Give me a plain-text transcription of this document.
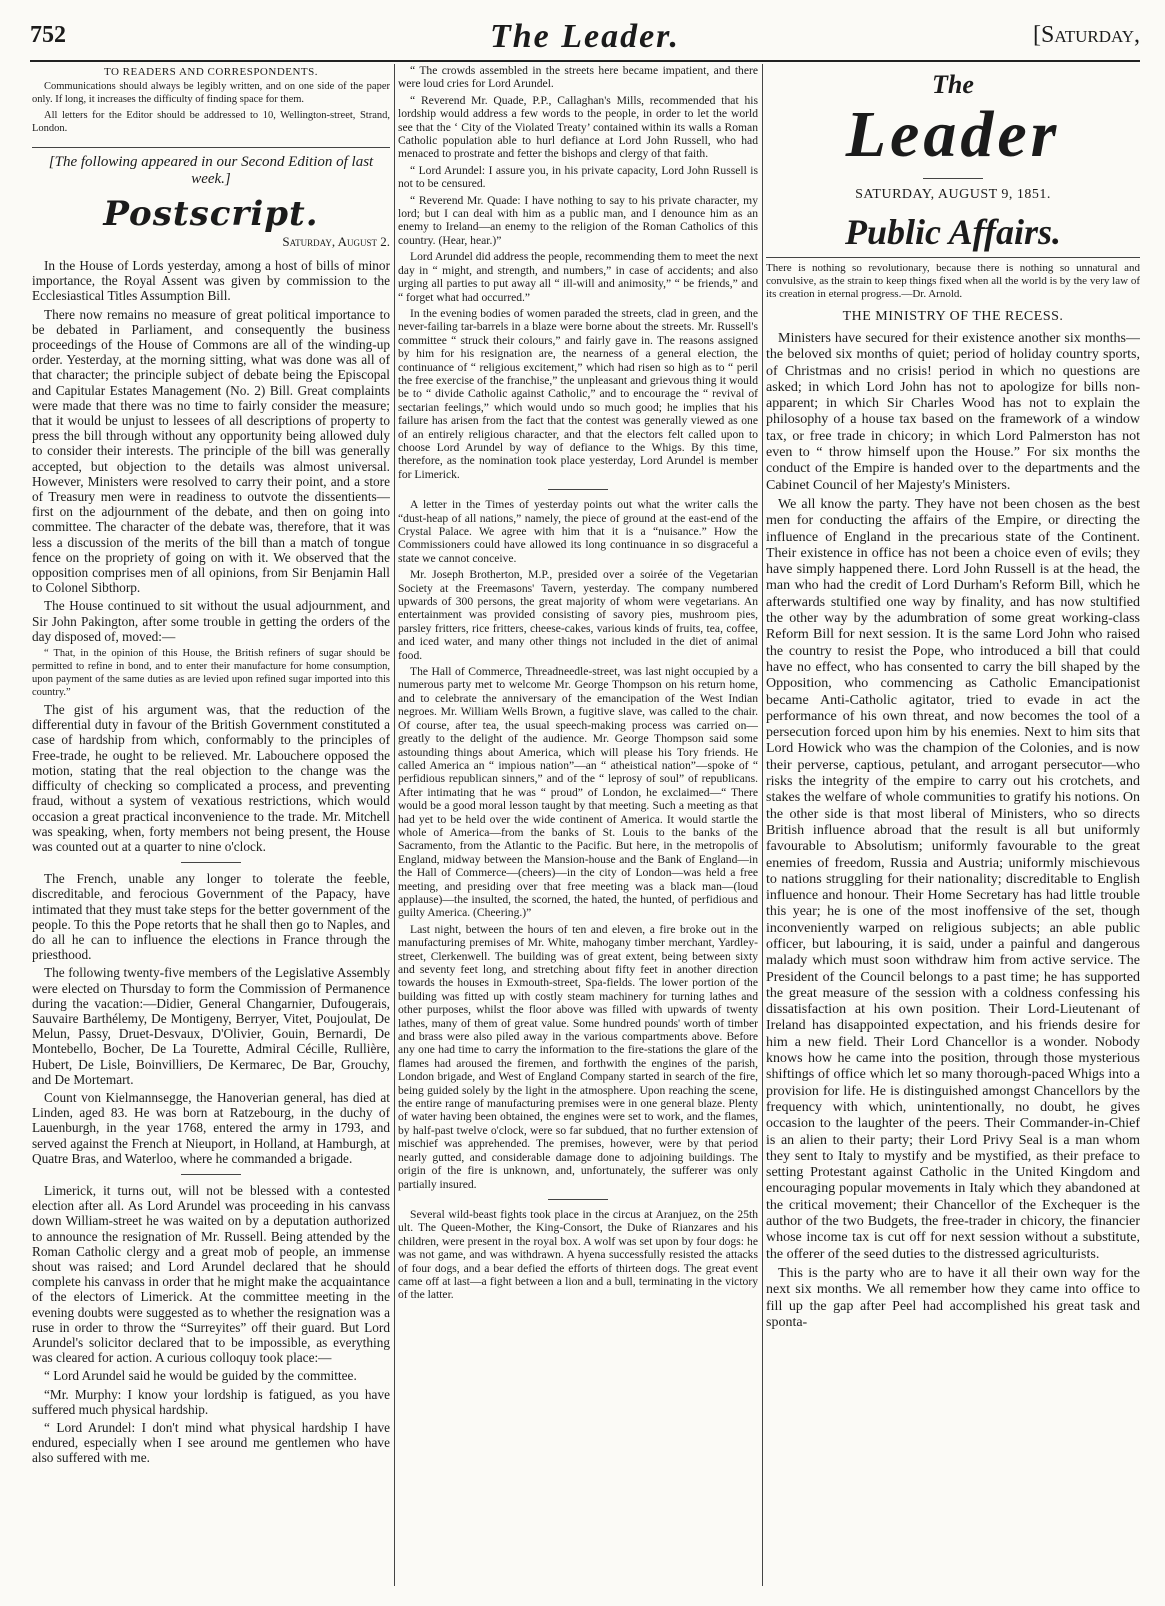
752	The Leader.	[Saturday,
TO READERS AND CORRESPONDENTS.

Communications should always be legibly written, and on one side of the paper only. If long, it increases the difficulty of finding space for them.

All letters for the Editor should be addressed to 10, Wellington-street, Strand, London.

[The following appeared in our Second Edition of last week.]
Postscript.
Saturday, August 2.

In the House of Lords yesterday, among a host of bills of minor importance, the Royal Assent was given by commission to the Ecclesiastical Titles Assumption Bill.

There now remains no measure of great political importance to be debated in Parliament, and consequently the business proceedings of the House of Commons are all of the winding-up order. Yesterday, at the morning sitting, what was done was all of that character; the principle subject of debate being the Episcopal and Capitular Estates Management (No. 2) Bill. Great complaints were made that there was no time to fairly consider the measure; that it would be unjust to lessees of all descriptions of property to press the bill through without any opportunity being allowed duly to consider their interests. The principle of the bill was generally accepted, but objection to the details was almost universal. However, Ministers were resolved to carry their point, and a store of Treasury men were in readiness to outvote the dissentients—first on the adjournment of the debate, and then on going into committee. The character of the debate was, therefore, that it was less a discussion of the merits of the bill than a match of tongue fence on the propriety of going on with it. We observed that the opposition comprises men of all opinions, from Sir Benjamin Hall to Colonel Sibthorp.

The House continued to sit without the usual adjournment, and Sir John Pakington, after some trouble in getting the orders of the day disposed of, moved:—

“ That, in the opinion of this House, the British refiners of sugar should be permitted to refine in bond, and to enter their manufacture for home consumption, upon payment of the same duties as are levied upon refined sugar imported into this country.”

The gist of his argument was, that the reduction of the differential duty in favour of the British Government constituted a case of hardship from which, conformably to the principles of Free-trade, he ought to be relieved. Mr. Labouchere opposed the motion, stating that the real objection to the change was the difficulty of checking so complicated a process, and preventing fraud, without a system of vexatious restrictions, which would occasion a great practical inconvenience to the trade. Mr. Mitchell was speaking, when, forty members not being present, the House was counted out at a quarter to nine o'clock.

The French, unable any longer to tolerate the feeble, discreditable, and ferocious Government of the Papacy, have intimated that they must take steps for the better government of the people. To this the Pope retorts that he shall then go to Naples, and do all he can to influence the elections in France through the priesthood.

The following twenty-five members of the Legislative Assembly were elected on Thursday to form the Commission of Permanence during the vacation:—Didier, General Changarnier, Dufougerais, Sauvaire Barthélemy, De Montigeny, Berryer, Vitet, Poujoulat, De Melun, Passy, Druet-Desvaux, D'Olivier, Gouin, Bernardi, De Montebello, Bocher, De La Tourette, Admiral Cécille, Rullière, Hubert, De Lisle, Boinvilliers, De Kermarec, De Bar, Grouchy, and De Mortemart.

Count von Kielmannsegge, the Hanoverian general, has died at Linden, aged 83. He was born at Ratzebourg, in the duchy of Lauenburgh, in the year 1768, entered the army in 1793, and served against the French at Nieuport, in Holland, at Hamburgh, at Quatre Bras, and Waterloo, where he commanded a brigade.

Limerick, it turns out, will not be blessed with a contested election after all. As Lord Arundel was proceeding in his canvass down William-street he was waited on by a deputation authorized to announce the resignation of Mr. Russell. Being attended by the Roman Catholic clergy and a great mob of people, an immense shout was raised; and Lord Arundel declared that he should complete his canvass in order that he might make the acquaintance of the electors of Limerick. At the committee meeting in the evening doubts were suggested as to whether the resignation was a ruse in order to throw the “Surreyites” off their guard. But Lord Arundel's solicitor declared that to be impossible, as everything was cleared for action. A curious colloquy took place:—

“ Lord Arundel said he would be guided by the committee.

“Mr. Murphy: I know your lordship is fatigued, as you have suffered much physical hardship.

“ Lord Arundel: I don't mind what physical hardship I have endured, especially when I see around me gentlemen who have also suffered with me.

“ The crowds assembled in the streets here became impatient, and there were loud cries for Lord Arundel.

“ Reverend Mr. Quade, P.P., Callaghan's Mills, recommended that his lordship would address a few words to the people, in order to let the world see that the ‘ City of the Violated Treaty’ contained within its walls a Roman Catholic population able to hurl defiance at Lord John Russell, who had menaced to prostrate and fetter the bishops and clergy of that faith.

“ Lord Arundel: I assure you, in his private capacity, Lord John Russell is not to be censured.

“ Reverend Mr. Quade: I have nothing to say to his private character, my lord; but I can deal with him as a public man, and I denounce him as an enemy to Ireland—an enemy to the religion of the Roman Catholics of this country. (Hear, hear.)”

Lord Arundel did address the people, recommending them to meet the next day in “ might, and strength, and numbers,” in case of accidents; and also urging all parties to put away all “ ill-will and animosity,” “ be friends,” and “ forget what had occurred.”

In the evening bodies of women paraded the streets, clad in green, and the never-failing tar-barrels in a blaze were borne about the streets. Mr. Russell's committee “ struck their colours,” and fairly gave in. The reasons assigned by him for his resignation are, the nearness of a general election, the continuance of “ religious excitement,” which had risen so high as to “ peril the free exercise of the franchise,” the unpleasant and grievous thing it would be to “ divide Catholic against Catholic,” and to encourage the “ revival of sectarian feelings,” which would undo so much good; he implies that his failure has arisen from the fact that the contest was generally viewed as one of an entirely religious character, and that the electors felt called upon to choose Lord Arundel by way of defiance to the Whigs. By this time, therefore, as the nomination took place yesterday, Lord Arundel is member for Limerick.

A letter in the Times of yesterday points out what the writer calls the “dust-heap of all nations,” namely, the piece of ground at the east-end of the Crystal Palace. We agree with him that it is a “nuisance.” How the Commissioners could have allowed its long continuance in so disgraceful a state we cannot conceive.

Mr. Joseph Brotherton, M.P., presided over a soirée of the Vegetarian Society at the Freemasons' Tavern, yesterday. The company numbered upwards of 300 persons, the great majority of whom were vegetarians. An entertainment was provided consisting of savory pies, mushroom pies, parsley fritters, rice fritters, cheese-cakes, various kinds of fruits, tea, coffee, and iced water, and many other things not included in the diet of animal food.

The Hall of Commerce, Threadneedle-street, was last night occupied by a numerous party met to welcome Mr. George Thompson on his return home, and to celebrate the anniversary of the emancipation of the West Indian negroes. Mr. William Wells Brown, a fugitive slave, was called to the chair. Of course, after tea, the usual speech-making process was carried on—greatly to the delight of the audience. Mr. George Thompson said some astounding things about America, which will please his Tory friends. He called America an “ impious nation”—an “ atheistical nation”—spoke of “ perfidious republican sinners,” and of the “ leprosy of soul” of republicans. After intimating that he was “ proud” of London, he exclaimed—“ There would be a good moral lesson taught by that meeting. Such a meeting as that had yet to be held over the wide continent of America. It would startle the whole of America—from the banks of St. Louis to the banks of the Sacramento, from the Atlantic to the Pacific. But here, in the metropolis of England, midway between the Mansion-house and the Bank of England—in the Hall of Commerce—(cheers)—in the city of London—was held a free meeting, and presiding over that free meeting was a black man—(loud applause)—the insulted, the scorned, the hated, the hunted, of perfidious and guilty America. (Cheering.)”

Last night, between the hours of ten and eleven, a fire broke out in the manufacturing premises of Mr. White, mahogany timber merchant, Yardley-street, Clerkenwell. The building was of great extent, being between sixty and seventy feet long, and stretching about fifty feet in another direction towards the houses in Exmouth-street, Spa-fields. The lower portion of the building was fitted up with costly steam machinery for turning lathes and other purposes, whilst the floor above was filled with upwards of twenty lathes, many of them of great value. Some hundred pounds' worth of timber and brass were also piled away in the various compartments above. Before any one had time to carry the information to the fire-stations the glare of the flames had aroused the firemen, and forthwith the engines of the parish, London brigade, and West of England Company started in search of the fire, being guided solely by the light in the atmosphere. Upon reaching the scene, the entire range of manufacturing premises were in one general blaze. Plenty of water having been obtained, the engines were set to work, and the flames, by half-past twelve o'clock, were so far subdued, that no further extension of mischief was apprehended. The premises, however, were by that period nearly gutted, and considerable damage done to adjoining buildings. The origin of the fire is unknown, and, unfortunately, the sufferer was only partially insured.

Several wild-beast fights took place in the circus at Aranjuez, on the 25th ult. The Queen-Mother, the King-Consort, the Duke of Rianzares and his children, were present in the royal box. A wolf was set upon by four dogs: he was not game, and was withdrawn. A hyena successfully resisted the attacks of four dogs, and a bear defied the efforts of thirteen dogs. The great event came off at last—a fight between a lion and a bull, terminating in the victory of the latter.

The
Leader
SATURDAY, AUGUST 9, 1851.
Public Affairs.
There is nothing so revolutionary, because there is nothing so unnatural and convulsive, as the strain to keep things fixed when all the world is by the very law of its creation in eternal progress.—Dr. Arnold.
THE MINISTRY OF THE RECESS.

Ministers have secured for their existence another six months—the beloved six months of quiet; period of holiday country sports, of Christmas and no crisis! period in which no questions are asked; in which Lord John has not to apologize for bills non-apparent; in which Sir Charles Wood has not to explain the philosophy of a house tax based on the framework of a window tax, or free trade in chicory; in which Lord Palmerston has not even to “ throw himself upon the House.” For six months the conduct of the Empire is handed over to the departments and the Cabinet Council of her Majesty's Ministers.

We all know the party. They have not been chosen as the best men for conducting the affairs of the Empire, or directing the influence of England in the precarious state of the Continent. Their existence in office has not been a choice even of evils; they have simply happened there. Lord John Russell is at the head, the man who had the credit of Lord Durham's Reform Bill, which he afterwards stultified one way by finality, and has now stultified the other way by the adumbration of some great working-class Reform Bill for next session. It is the same Lord John who raised the country to resist the Pope, who introduced a bill that could have no effect, who has consented to carry the bill shaped by the Opposition, who commencing as Catholic Emancipationist became Anti-Catholic agitator, tried to evade in act the performance of his own threat, and now becomes the tool of a persecution forced upon him by his enemies. Next to him sits that Lord Howick who was the champion of the Colonies, and is now their perverse, captious, petulant, and arrogant persecutor—who risks the integrity of the empire to carry out his crotchets, and stakes the welfare of whole communities to gratify his notions. On the other side is that most liberal of Ministers, who so directs British influence abroad that the result is all but uniformly favourable to Absolutism; uniformly favourable to the great enemies of freedom, Russia and Austria; uniformly mischievous to nations struggling for their nationality; discreditable to English influence and honour. Their Home Secretary has had little trouble this year; he is one of the most inoffensive of the set, though inconveniently warped on religious subjects; an able public officer, but labouring, it is said, under a painful and dangerous malady which must soon withdraw him from active service. The President of the Council belongs to a past time; he has supported the great measure of the session with a coldness confessing his dissatisfaction at his own position. Their Lord-Lieutenant of Ireland has disappointed expectation, and his friends desire for him a new field. Their Lord Chancellor is a wonder. Nobody knows how he came into the position, through those mysterious shiftings of office which let so many thorough-paced Whigs into a provision for life. He is distinguished amongst Chancellors by the frequency with which, unintentionally, no doubt, he gives occasion to the laughter of the peers. Their Commander-in-Chief is an alien to their party; their Lord Privy Seal is a man whom they sent to Italy to mystify and be mystified, as their preface to setting Protestant against Catholic in the United Kingdom and encouraging popular movements in Italy which they abandoned at the critical movement; their Chancellor of the Exchequer is the author of the two Budgets, the free-trader in chicory, the financier whose income tax is cut off for next session without a substitute, the offerer of the seed duties to the distressed agriculturists.

This is the party who are to have it all their own way for the next six months. We all remember how they came into office to fill up the gap after Peel had accomplished his great task and sponta-
